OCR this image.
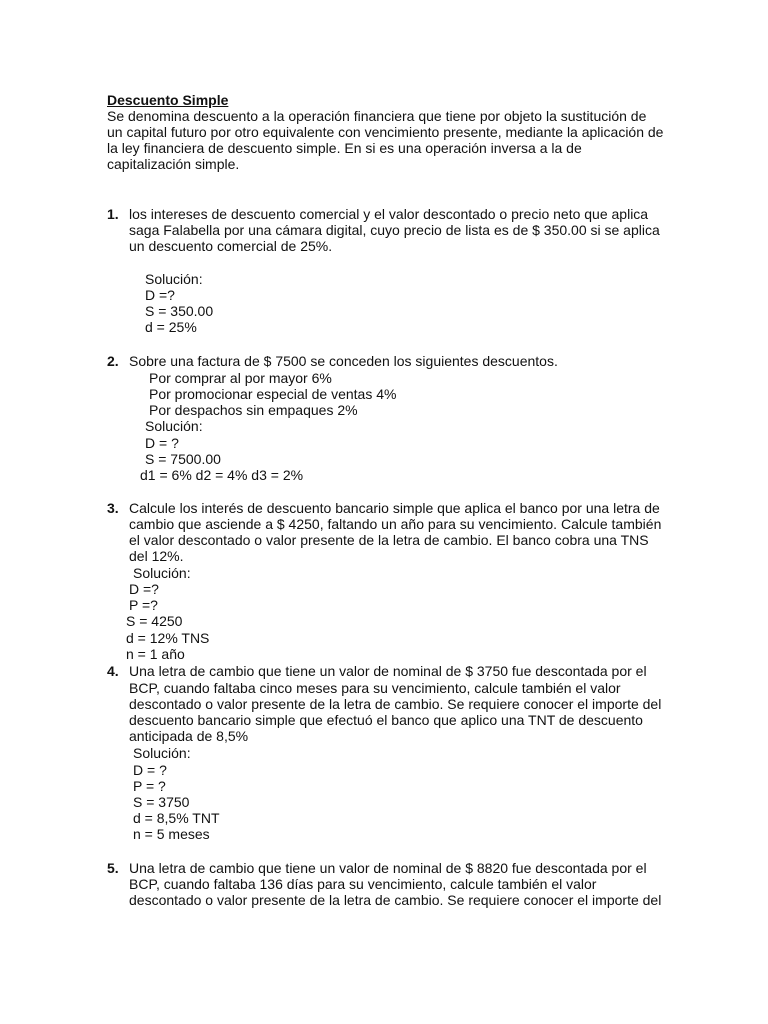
Descuento Simple
Se denomina descuento a la operación financiera que tiene por objeto la sustitución de
un capital futuro por otro equivalente con vencimiento presente, mediante la aplicación de
la ley financiera de descuento simple. En si es una operación inversa a la de
capitalización simple.
1. los intereses de descuento comercial y el valor descontado o precio neto que aplica
saga Falabella por una cámara digital, cuyo precio de lista es de $ 350.00 si se aplica
un descuento comercial de 25%.
Solución:
D =?
S = 350.00
d = 25%
2. Sobre una factura de $ 7500 se conceden los siguientes descuentos.
Por comprar al por mayor 6%
Por promocionar especial de ventas 4%
Por despachos sin empaques 2%
Solución:
D = ?
S = 7500.00
d1 = 6% d2 = 4% d3 = 2%
3. Calcule los interés de descuento bancario simple que aplica el banco por una letra de
cambio que asciende a $ 4250, faltando un año para su vencimiento. Calcule también
el valor descontado o valor presente de la letra de cambio. El banco cobra una TNS
del 12%.
Solución:
D =?
P =?
S = 4250
d = 12% TNS
n = 1 año
4. Una letra de cambio que tiene un valor de nominal de $ 3750 fue descontada por el
BCP, cuando faltaba cinco meses para su vencimiento, calcule también el valor
descontado o valor presente de la letra de cambio. Se requiere conocer el importe del
descuento bancario simple que efectuó el banco que aplico una TNT de descuento
anticipada de 8,5%
Solución:
D = ?
P = ?
S = 3750
d = 8,5% TNT
n = 5 meses
5. Una letra de cambio que tiene un valor de nominal de $ 8820 fue descontada por el
BCP, cuando faltaba 136 días para su vencimiento, calcule también el valor
descontado o valor presente de la letra de cambio. Se requiere conocer el importe del
